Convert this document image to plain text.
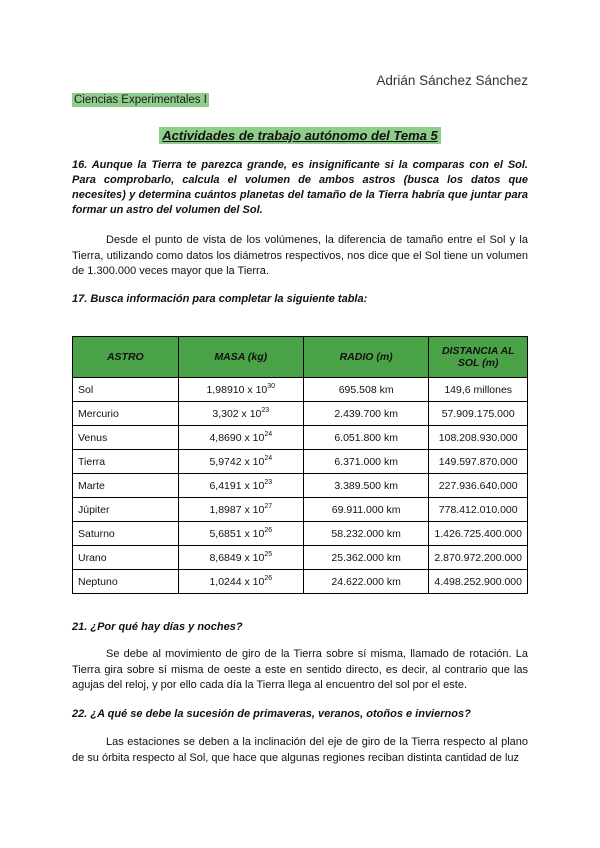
Adrián Sánchez Sánchez
Ciencias Experimentales I
Actividades de trabajo autónomo del Tema 5
16. Aunque la Tierra te parezca grande, es insignificante si la comparas con el Sol. Para comprobarlo, calcula el volumen de ambos astros (busca los datos que necesites) y determina cuántos planetas del tamaño de la Tierra habría que juntar para formar un astro del volumen del Sol.
Desde el punto de vista de los volúmenes, la diferencia de tamaño entre el Sol y la Tierra, utilizando como datos los diámetros respectivos, nos dice que el Sol tiene un volumen de 1.300.000 veces mayor que la Tierra.
17. Busca información para completar la siguiente tabla:
ASTRO	MASA (kg)	RADIO (m)	DISTANCIA AL SOL (m)
Sol	1,98910 x $10^{30}$	695.508 km	149,6 millones
Mercurio	3,302 x $10^{23}$	2.439.700 km	57.909.175.000
Venus	4,8690 x $10^{24}$	6.051.800 km	108.208.930.000
Tierra	5,9742 x $10^{24}$	6.371.000 km	149.597.870.000
Marte	6,4191 x $10^{23}$	3.389.500 km	227.936.640.000
Júpiter	1,8987 x $10^{27}$	69.911.000 km	778.412.010.000
Saturno	5,6851 x $10^{26}$	58.232.000 km	1.426.725.400.000
Urano	8,6849 x $10^{25}$	25.362.000 km	2.870.972.200.000
Neptuno	1,0244 x $10^{26}$	24.622.000 km	4.498.252.900.000
21. ¿Por qué hay días y noches?
Se debe al movimiento de giro de la Tierra sobre sí misma, llamado de rotación. La Tierra gira sobre sí misma de oeste a este en sentido directo, es decir, al contrario que las agujas del reloj, y por ello cada día la Tierra llega al encuentro del sol por el este.
22. ¿A qué se debe la sucesión de primaveras, veranos, otoños e inviernos?
Las estaciones se deben a la inclinación del eje de giro de la Tierra respecto al plano de su órbita respecto al Sol, que hace que algunas regiones reciban distinta cantidad de luz
